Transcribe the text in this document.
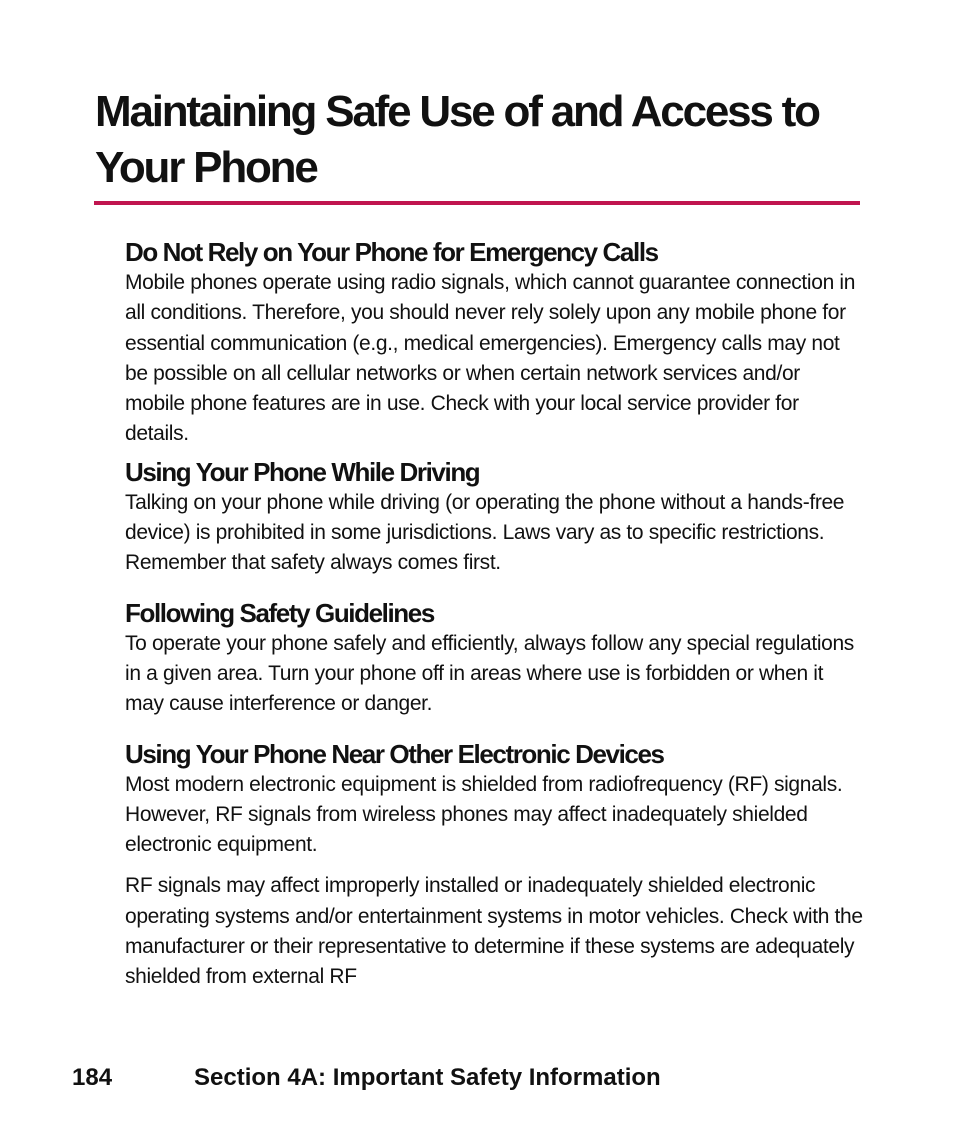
Maintaining Safe Use of and Access to Your Phone
Do Not Rely on Your Phone for Emergency Calls

Mobile phones operate using radio signals, which cannot guarantee connection in all conditions. Therefore, you should never rely solely upon any mobile phone for essential communication (e.g., medical emergencies). Emergency calls may not be possible on all cellular networks or when certain network services and/or mobile phone features are in use. Check with your local service provider for details.

Using Your Phone While Driving

Talking on your phone while driving (or operating the phone without a hands-free device) is prohibited in some jurisdictions. Laws vary as to specific restrictions. Remember that safety always comes first.

Following Safety Guidelines

To operate your phone safely and efficiently, always follow any special regulations in a given area. Turn your phone off in areas where use is forbidden or when it may cause interference or danger.

Using Your Phone Near Other Electronic Devices

Most modern electronic equipment is shielded from radiofrequency (RF) signals. However, RF signals from wireless phones may affect inadequately shielded electronic equipment.

RF signals may affect improperly installed or inadequately shielded electronic operating systems and/or entertainment systems in motor vehicles. Check with the manufacturer or their representative to determine if these systems are adequately shielded from external RF

184	Section 4A: Important Safety Information
